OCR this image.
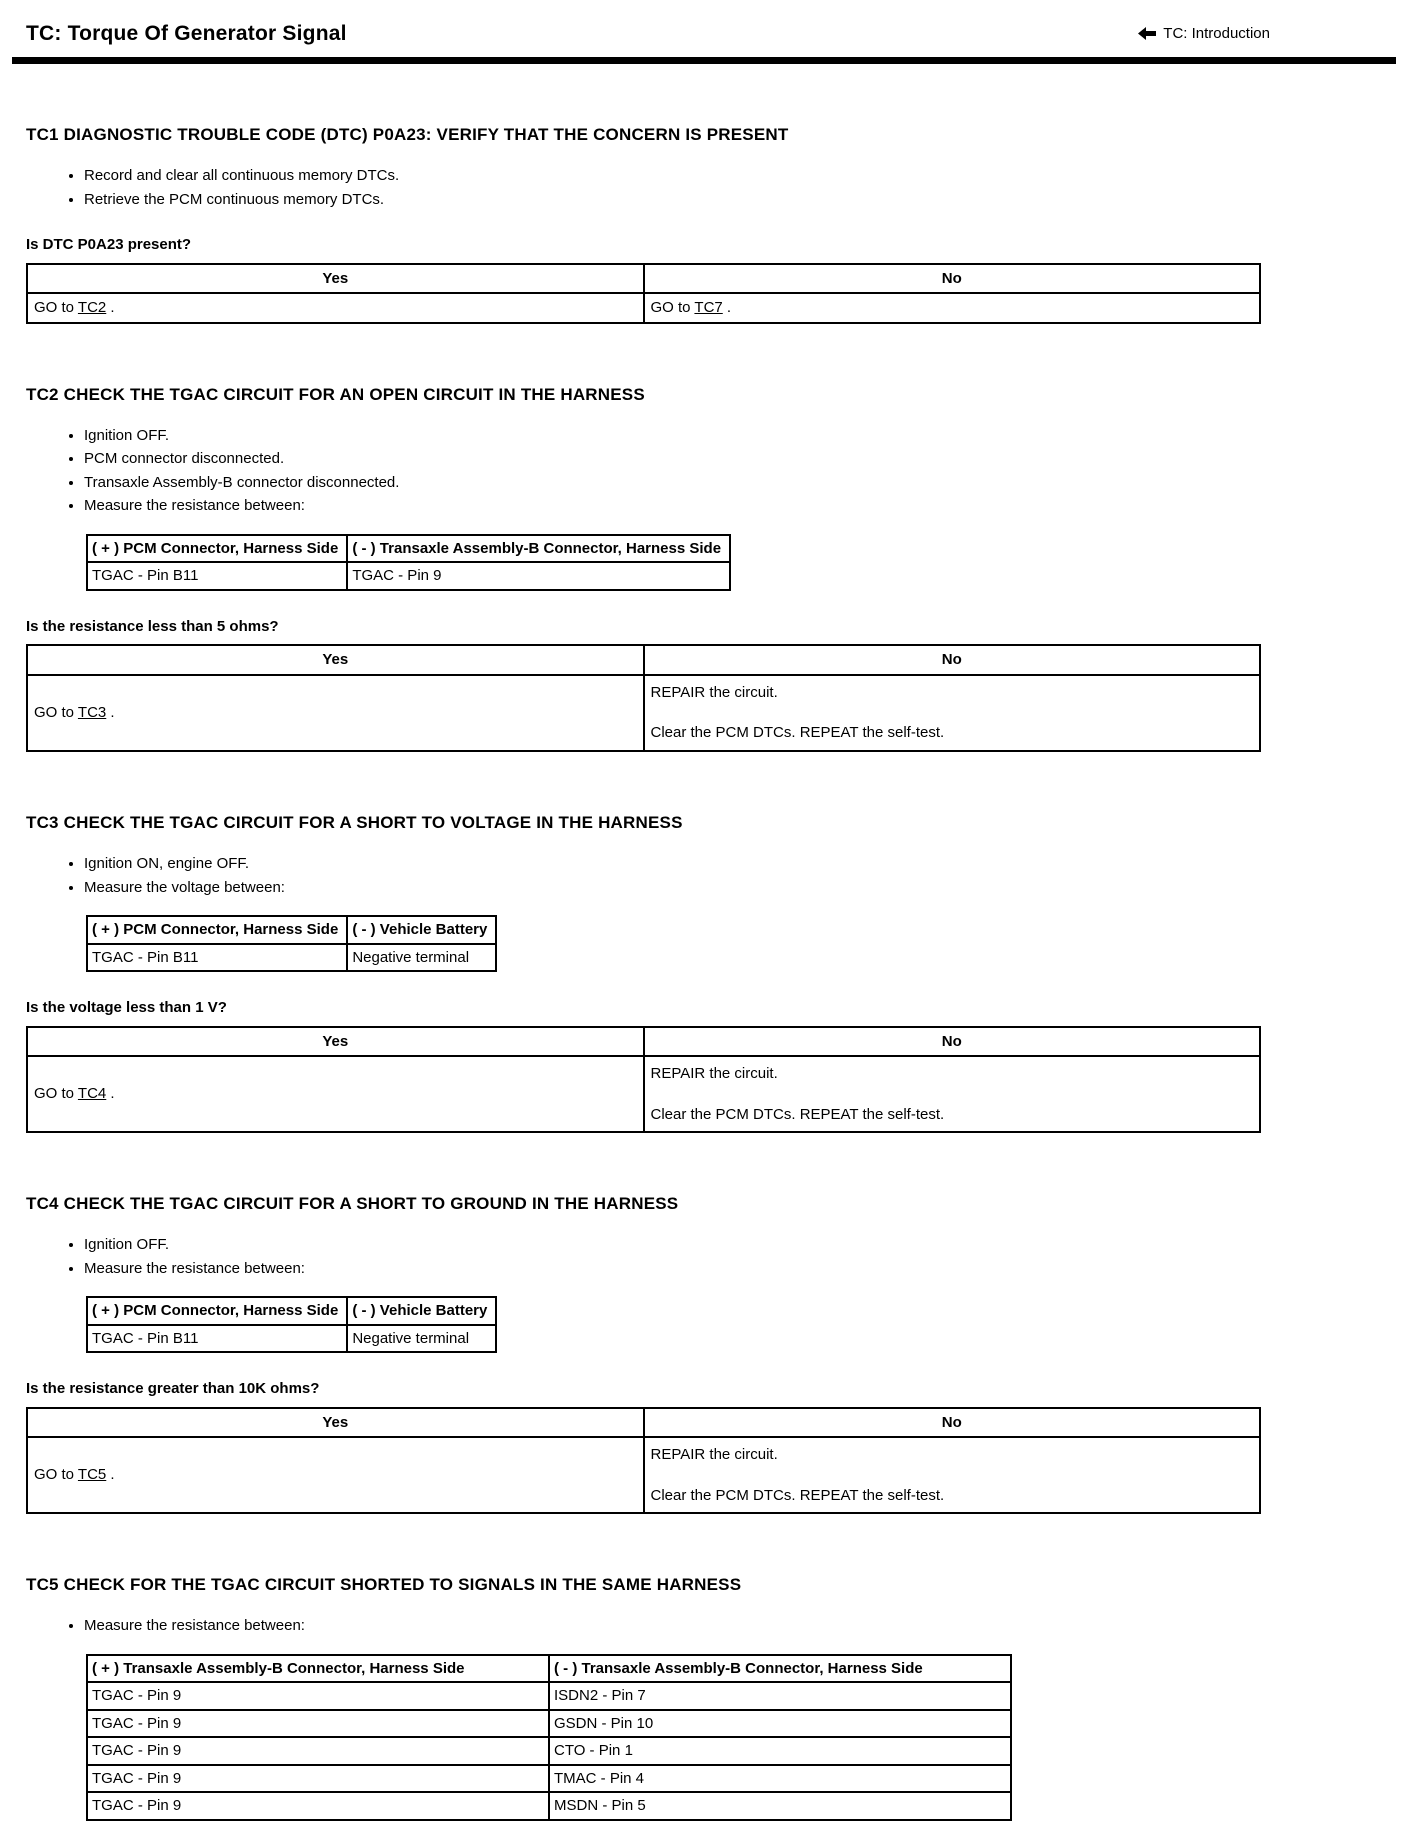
TC: Torque Of Generator Signal	TC: Introduction
TC1 DIAGNOSTIC TROUBLE CODE (DTC) P0A23: VERIFY THAT THE CONCERN IS PRESENT
• Record and clear all continuous memory DTCs.
• Retrieve the PCM continuous memory DTCs.

Is DTC P0A23 present?

Yes	No

GO to TC2 .	GO to TC7 .

TC2 CHECK THE TGAC CIRCUIT FOR AN OPEN CIRCUIT IN THE HARNESS
• Ignition OFF.
• PCM connector disconnected.
• Transaxle Assembly-B connector disconnected.
• Measure the resistance between:
( + ) PCM Connector, Harness Side	( - ) Transaxle Assembly-B Connector, Harness Side
TGAC - Pin B11	TGAC - Pin 9

Is the resistance less than 5 ohms?

Yes	No

GO to TC3 .	REPAIR the circuit.

Clear the PCM DTCs. REPEAT the self-test.

TC3 CHECK THE TGAC CIRCUIT FOR A SHORT TO VOLTAGE IN THE HARNESS
• Ignition ON, engine OFF.
• Measure the voltage between:
( + ) PCM Connector, Harness Side	( - ) Vehicle Battery
TGAC - Pin B11	Negative terminal

Is the voltage less than 1 V?

Yes	No

GO to TC4 .	REPAIR the circuit.

Clear the PCM DTCs. REPEAT the self-test.

TC4 CHECK THE TGAC CIRCUIT FOR A SHORT TO GROUND IN THE HARNESS
• Ignition OFF.
• Measure the resistance between:
( + ) PCM Connector, Harness Side	( - ) Vehicle Battery
TGAC - Pin B11	Negative terminal

Is the resistance greater than 10K ohms?

Yes	No

GO to TC5 .	REPAIR the circuit.

Clear the PCM DTCs. REPEAT the self-test.

TC5 CHECK FOR THE TGAC CIRCUIT SHORTED TO SIGNALS IN THE SAME HARNESS
• Measure the resistance between:
( + ) Transaxle Assembly-B Connector, Harness Side	( - ) Transaxle Assembly-B Connector, Harness Side
TGAC - Pin 9	ISDN2 - Pin 7
TGAC - Pin 9	GSDN - Pin 10
TGAC - Pin 9	CTO - Pin 1
TGAC - Pin 9	TMAC - Pin 4
TGAC - Pin 9	MSDN - Pin 5
